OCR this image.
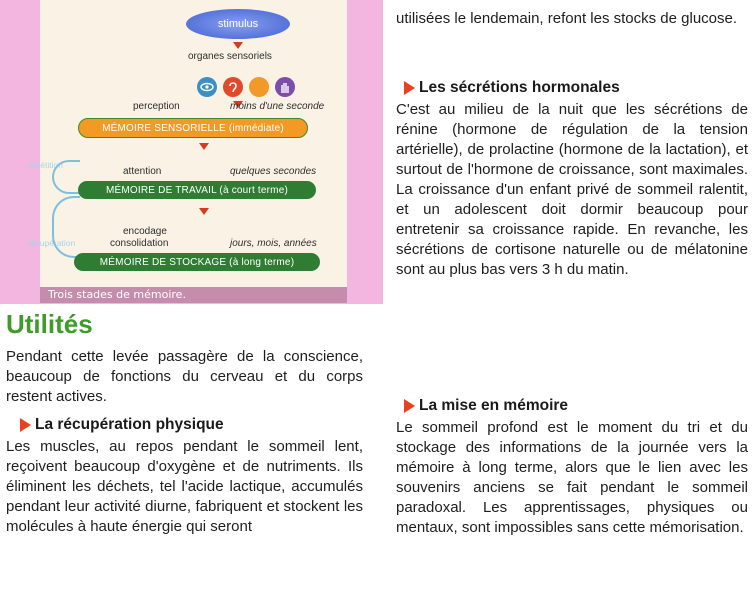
stimulus
organes sensoriels
perception	moins d'une seconde
MÉMOIRE SENSORIELLE (immédiate)
répétition
attention	quelques secondes
MÉMOIRE DE TRAVAIL (à court terme)
encodage
récupération	consolidation	jours, mois, années
MÉMOIRE DE STOCKAGE (à long terme)
Trois stades de mémoire.
Utilités

Pendant cette levée passagère de la conscience, beaucoup de fonctions du cerveau et du corps restent actives.

La récupération physique

Les muscles, au repos pendant le sommeil lent, reçoivent beaucoup d'oxygène et de nutriments. Ils éliminent les déchets, tel l'acide lactique, accumulés pendant leur activité diurne, fabriquent et stockent les molécules à haute énergie qui seront

utilisées le lendemain, refont les stocks de glucose.

Les sécrétions hormonales

C'est au milieu de la nuit que les sécrétions de rénine (hormone de régulation de la tension artérielle), de prolactine (hormone de la lactation), et surtout de l'hormone de croissance, sont maximales. La croissance d'un enfant privé de sommeil ralentit, et un adolescent doit dormir beaucoup pour entretenir sa croissance rapide. En revanche, les sécrétions de cortisone naturelle ou de mélatonine sont au plus bas vers 3 h du matin.

La mise en mémoire

Le sommeil profond est le moment du tri et du stockage des informations de la journée vers la mémoire à long terme, alors que le lien avec les souvenirs anciens se fait pendant le sommeil paradoxal. Les apprentissages, physiques ou mentaux, sont impossibles sans cette mémorisation.
